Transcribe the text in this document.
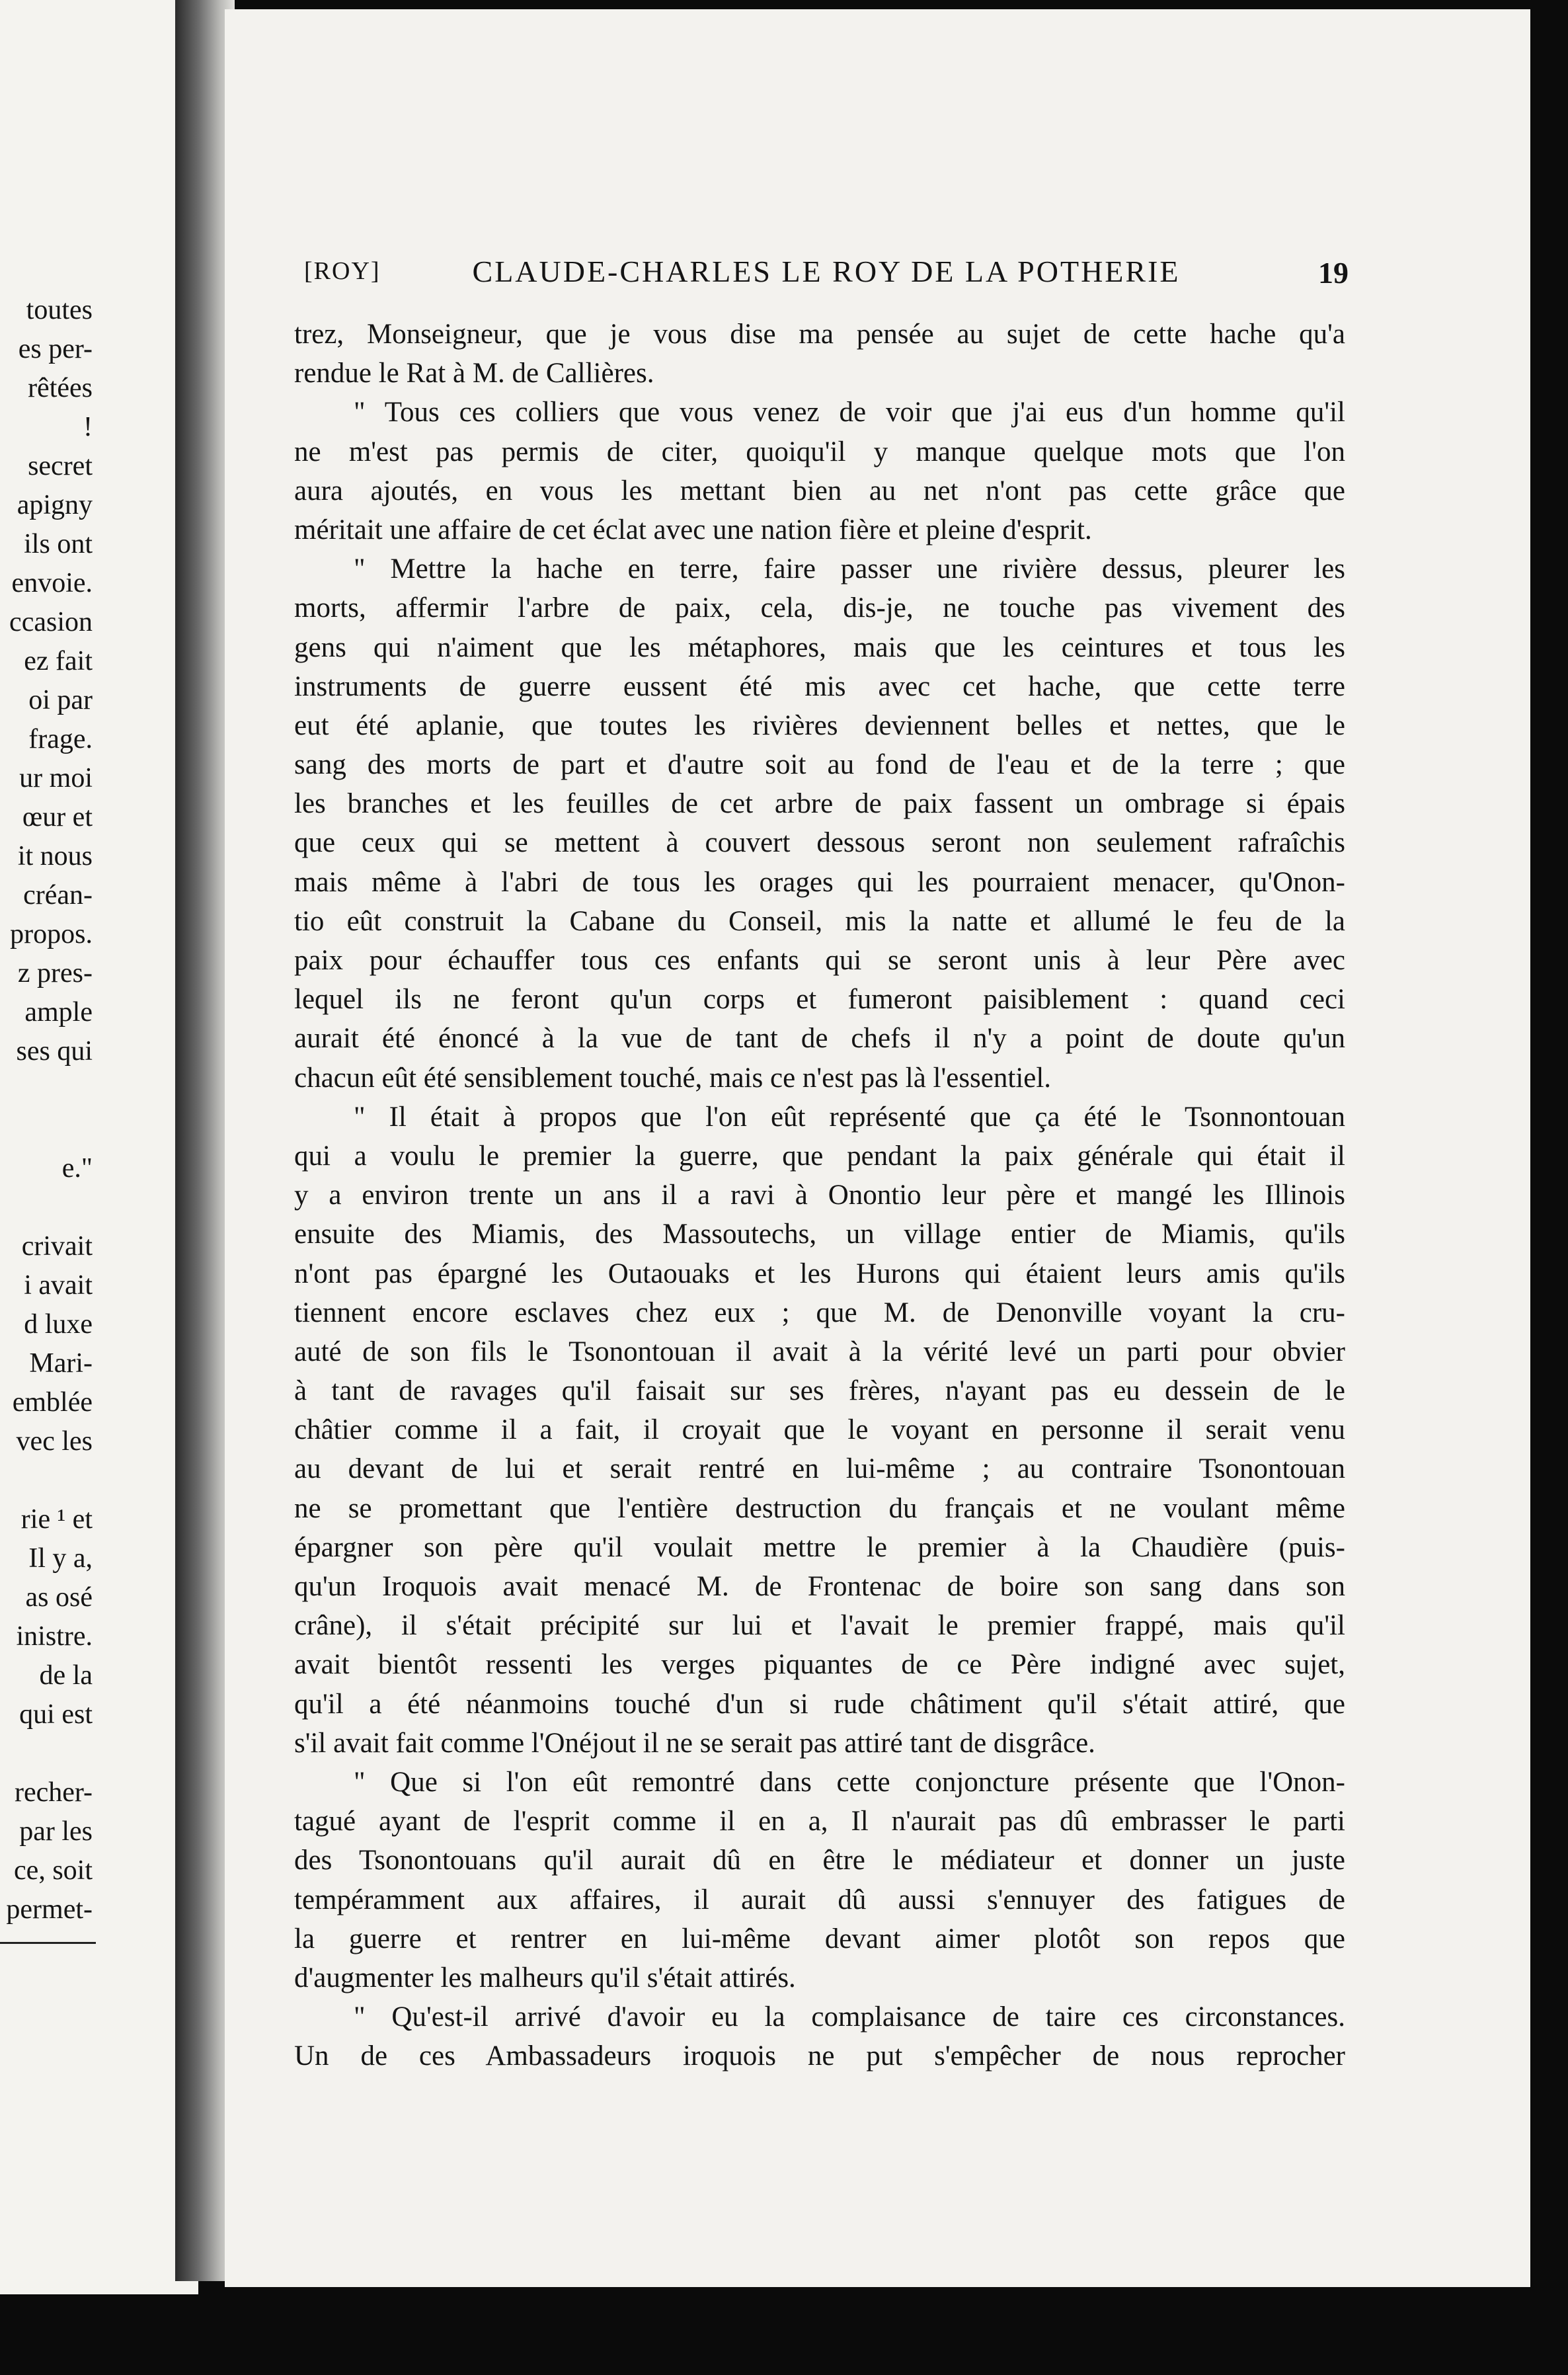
toutes
es per-
rêtées
!
secret
apigny
ils ont
envoie.
ccasion
ez fait
oi par
frage.
ur moi
œur et
it nous
créan-
propos.
z pres-
ample
ses qui
e."
crivait
i avait
d luxe
Mari-
emblée
vec les
rie ¹ et
Il y a,
as osé
inistre.
de la
qui est
recher-
par les
ce, soit
permet-
[ROY]	CLAUDE-CHARLES LE ROY DE LA POTHERIE	19
trez, Monseigneur, que je vous dise ma pensée au sujet de cette hache qu'a
rendue le Rat à M. de Callières.
" Tous ces colliers que vous venez de voir que j'ai eus d'un homme qu'il
ne m'est pas permis de citer, quoiqu'il y manque quelque mots que l'on
aura ajoutés, en vous les mettant bien au net n'ont pas cette grâce que
méritait une affaire de cet éclat avec une nation fière et pleine d'esprit.
" Mettre la hache en terre, faire passer une rivière dessus, pleurer les
morts, affermir l'arbre de paix, cela, dis-je, ne touche pas vivement des
gens qui n'aiment que les métaphores, mais que les ceintures et tous les
instruments de guerre eussent été mis avec cet hache, que cette terre
eut été aplanie, que toutes les rivières deviennent belles et nettes, que le
sang des morts de part et d'autre soit au fond de l'eau et de la terre ; que
les branches et les feuilles de cet arbre de paix fassent un ombrage si épais
que ceux qui se mettent à couvert dessous seront non seulement rafraîchis
mais même à l'abri de tous les orages qui les pourraient menacer, qu'Onon-
tio eût construit la Cabane du Conseil, mis la natte et allumé le feu de la
paix pour échauffer tous ces enfants qui se seront unis à leur Père avec
lequel ils ne feront qu'un corps et fumeront paisiblement : quand ceci
aurait été énoncé à la vue de tant de chefs il n'y a point de doute qu'un
chacun eût été sensiblement touché, mais ce n'est pas là l'essentiel.
" Il était à propos que l'on eût représenté que ça été le Tsonnontouan
qui a voulu le premier la guerre, que pendant la paix générale qui était il
y a environ trente un ans il a ravi à Onontio leur père et mangé les Illinois
ensuite des Miamis, des Massoutechs, un village entier de Miamis, qu'ils
n'ont pas épargné les Outaouaks et les Hurons qui étaient leurs amis qu'ils
tiennent encore esclaves chez eux ; que M. de Denonville voyant la cru-
auté de son fils le Tsonontouan il avait à la vérité levé un parti pour obvier
à tant de ravages qu'il faisait sur ses frères, n'ayant pas eu dessein de le
châtier comme il a fait, il croyait que le voyant en personne il serait venu
au devant de lui et serait rentré en lui-même ; au contraire Tsonontouan
ne se promettant que l'entière destruction du français et ne voulant même
épargner son père qu'il voulait mettre le premier à la Chaudière (puis-
qu'un Iroquois avait menacé M. de Frontenac de boire son sang dans son
crâne), il s'était précipité sur lui et l'avait le premier frappé, mais qu'il
avait bientôt ressenti les verges piquantes de ce Père indigné avec sujet,
qu'il a été néanmoins touché d'un si rude châtiment qu'il s'était attiré, que
s'il avait fait comme l'Onéjout il ne se serait pas attiré tant de disgrâce.
" Que si l'on eût remontré dans cette conjoncture présente que l'Onon-
tagué ayant de l'esprit comme il en a, Il n'aurait pas dû embrasser le parti
des Tsonontouans qu'il aurait dû en être le médiateur et donner un juste
tempéramment aux affaires, il aurait dû aussi s'ennuyer des fatigues de
la guerre et rentrer en lui-même devant aimer plotôt son repos que
d'augmenter les malheurs qu'il s'était attirés.
" Qu'est-il arrivé d'avoir eu la complaisance de taire ces circonstances.
Un de ces Ambassadeurs iroquois ne put s'empêcher de nous reprocher
